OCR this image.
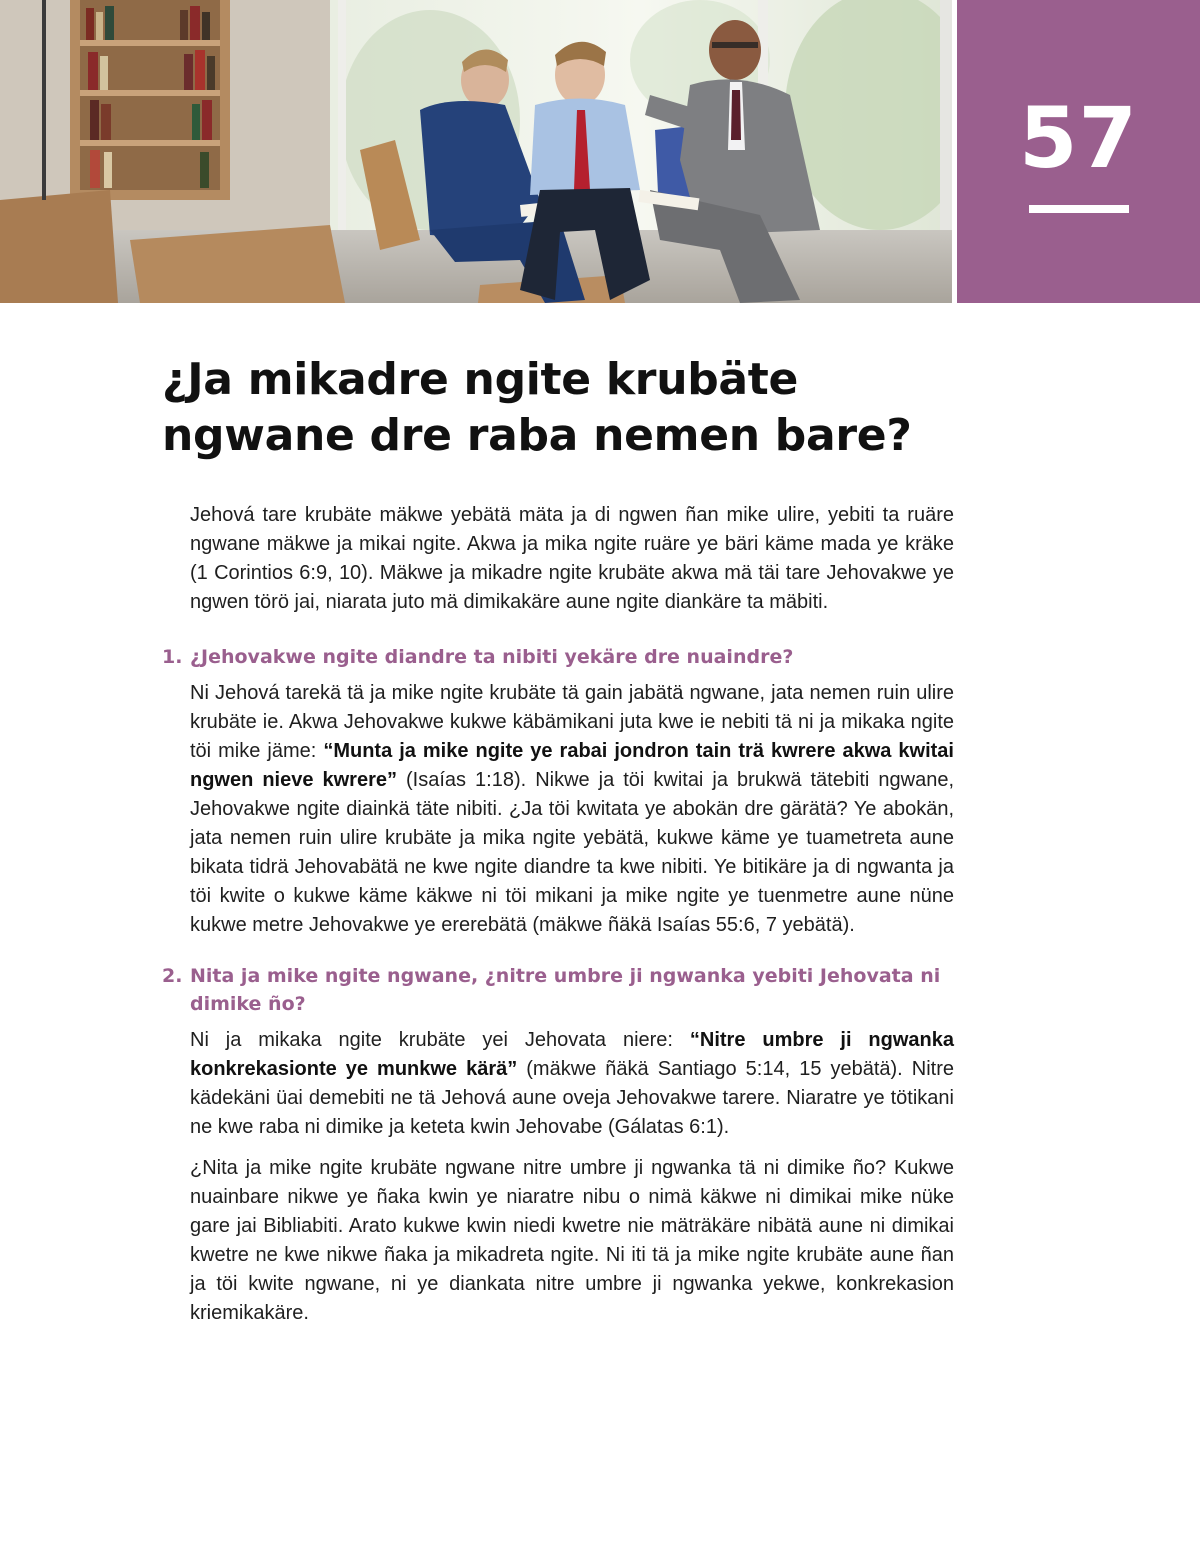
57
¿Ja mikadre ngite krubäte
ngwane dre raba nemen bare?

Jehová tare krubäte mäkwe yebätä mäta ja di ngwen ñan mike ulire, yebiti ta ruäre ngwane mäkwe ja mikai ngite. Akwa ja mika ngite ruäre ye bäri käme mada ye kräke (1 Corintios 6:9, 10). Mäkwe ja mikadre ngite krubäte akwa mä täi tare Jehovakwe ye ngwen törö jai, niarata juto mä dimikakäre aune ngite diankäre ta mäbiti.

1. ¿Jehovakwe ngite diandre ta nibiti yekäre dre nuaindre?

Ni Jehová tarekä tä ja mike ngite krubäte tä gain jabätä ngwane, jata nemen ruin ulire krubäte ie. Akwa Jehovakwe kukwe käbämikani juta kwe ie nebiti tä ni ja mikaka ngite töi mike jäme: “Munta ja mike ngite ye rabai jondron tain trä kwrere akwa kwitai ngwen nieve kwrere” (Isaías 1:18). Nikwe ja töi kwitai ja brukwä tätebiti ngwane, Jehovakwe ngite diainkä täte nibiti. ¿Ja töi kwitata ye abokän dre gärätä? Ye abokän, jata nemen ruin ulire krubäte ja mika ngite yebätä, kukwe käme ye tuametreta aune bikata tidrä Jehovabätä ne kwe ngite diandre ta kwe nibiti. Ye bitikäre ja di ngwanta ja töi kwite o kukwe käme käkwe ni töi mikani ja mike ngite ye tuenmetre aune nüne kukwe metre Jehovakwe ye ererebätä (mäkwe ñäkä Isaías 55:6, 7 yebätä).

2. Nita ja mike ngite ngwane, ¿nitre umbre ji ngwanka yebiti Jehovata ni dimike ño?

Ni ja mikaka ngite krubäte yei Jehovata niere: “Nitre umbre ji ngwanka konkrekasionte ye munkwe kärä” (mäkwe ñäkä Santiago 5:14, 15 yebätä). Nitre kädekäni üai demebiti ne tä Jehová aune oveja Jehovakwe tarere. Niaratre ye tötikani ne kwe raba ni dimike ja keteta kwin Jehovabe (Gálatas 6:1).

¿Nita ja mike ngite krubäte ngwane nitre umbre ji ngwanka tä ni dimike ño? Kukwe nuainbare nikwe ye ñaka kwin ye niaratre nibu o nimä käkwe ni dimikai mike nüke gare jai Bibliabiti. Arato kukwe kwin niedi kwetre nie mäträkäre nibätä aune ni dimikai kwetre ne kwe nikwe ñaka ja mikadreta ngite. Ni iti tä ja mike ngite krubäte aune ñan ja töi kwite ngwane, ni ye diankata nitre umbre ji ngwanka yekwe, konkrekasion kriemikakäre.
